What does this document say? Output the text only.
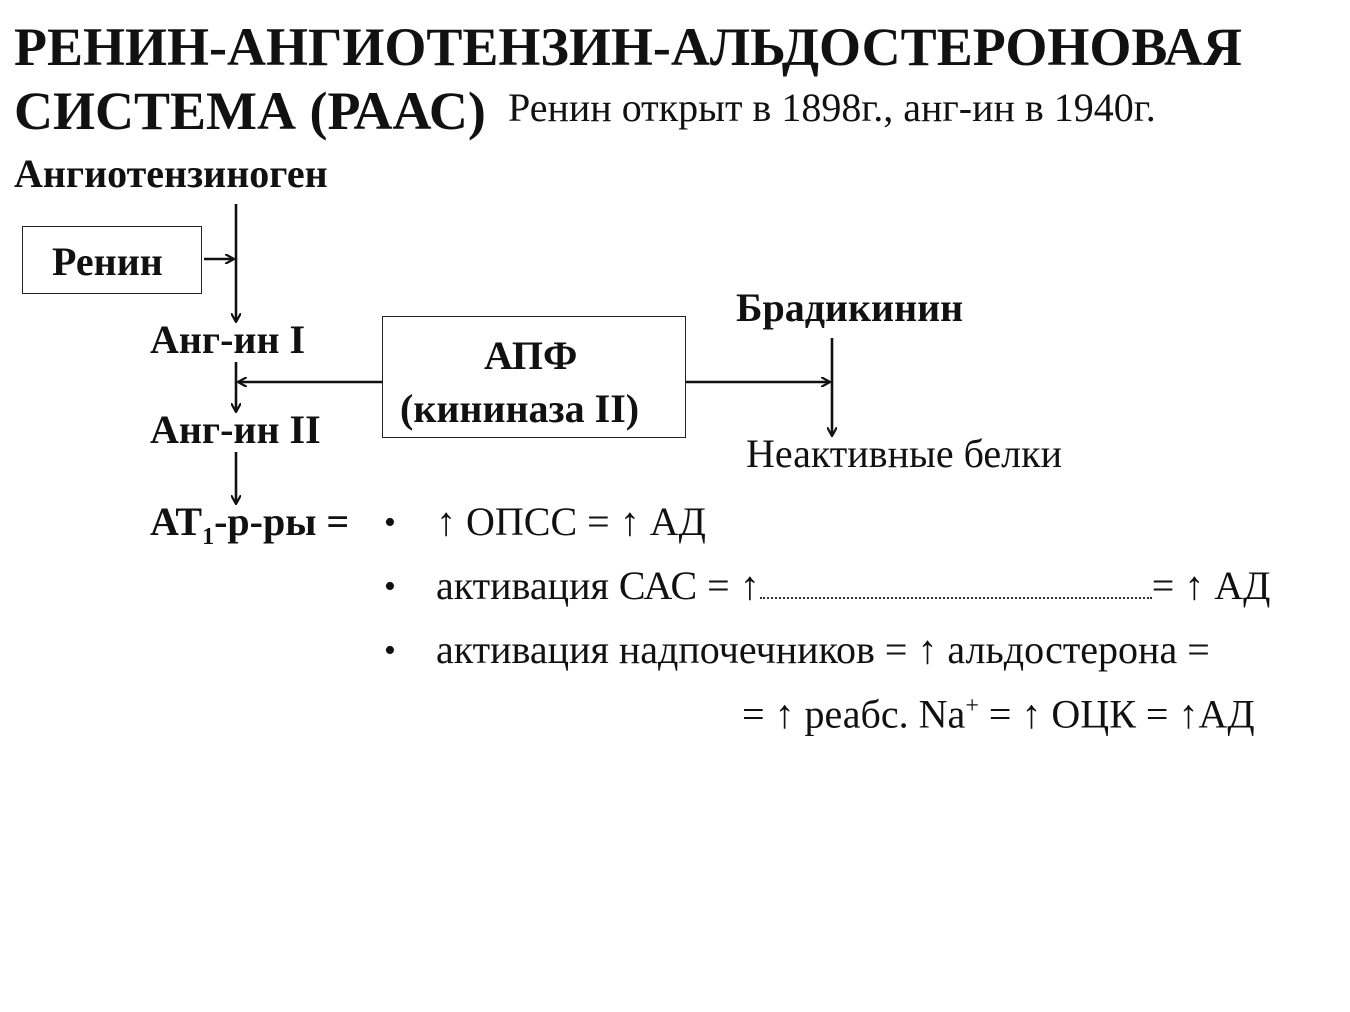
РЕНИН-АНГИОТЕНЗИН-АЛЬДОСТЕРОНОВАЯ
СИСТЕМА (РААС) Ренин открыт в 1898г., анг-ин в 1940г.
Ангиотензиноген
Ренин
Анг-ин I
Анг-ин II
АПФ
(кининаза II)
Брадикинин
Неактивные белки
$АТ_1-р-ры$ = • ↑ ОПСС = ↑ АД
• активация САС = ↑	= ↑ АД
• активация надпочечников = ↑ альдостерона =
= ↑ реабс. Na+ = ↑ ОЦК = ↑АД
